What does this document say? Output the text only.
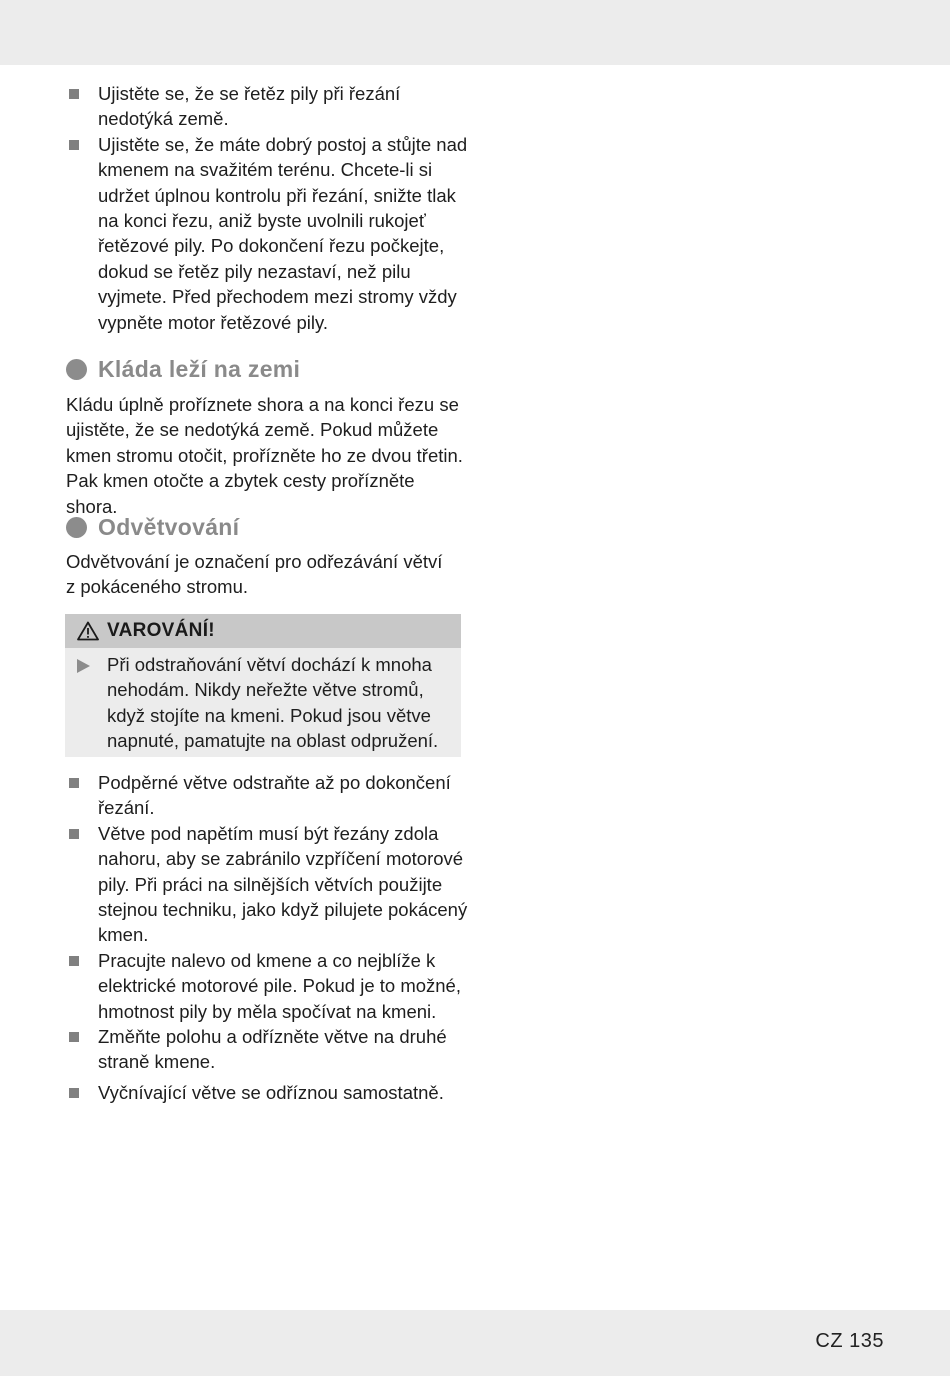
Ujistěte se, že se řetěz pily při řezání nedotýká země.
Ujistěte se, že máte dobrý postoj a stůjte nad kmenem na svažitém terénu. Chcete-li si udržet úplnou kontrolu při řezání, snižte tlak na konci řezu, aniž byste uvolnili rukojeť řetězové pily. Po dokončení řezu počkejte, dokud se řetěz pily nezastaví, než pilu vyjmete. Před přechodem mezi stromy vždy vypněte motor řetězové pily.
Kláda leží na zemi

Kládu úplně proříznete shora a na konci řezu se ujistěte, že se nedotýká země. Pokud můžete kmen stromu otočit, prořízněte ho ze dvou třetin. Pak kmen otočte a zbytek cesty prořízněte shora.

Odvětvování

Odvětvování je označení pro odřezávání větví z pokáceného stromu.

VAROVÁNÍ!
Při odstraňování větví dochází k mnoha nehodám. Nikdy neřežte větve stromů, když stojíte na kmeni. Pokud jsou větve napnuté, pamatujte na oblast odpružení.
Podpěrné větve odstraňte až po dokončení řezání.
Větve pod napětím musí být řezány zdola nahoru, aby se zabránilo vzpříčení motorové pily. Při práci na silnějších větvích použijte stejnou techniku, jako když pilujete pokácený kmen.
Pracujte nalevo od kmene a co nejblíže k elektrické motorové pile. Pokud je to možné, hmotnost pily by měla spočívat na kmeni.
Změňte polohu a odřízněte větve na druhé straně kmene.
Vyčnívající větve se odříznou samostatně.
CZ 135
